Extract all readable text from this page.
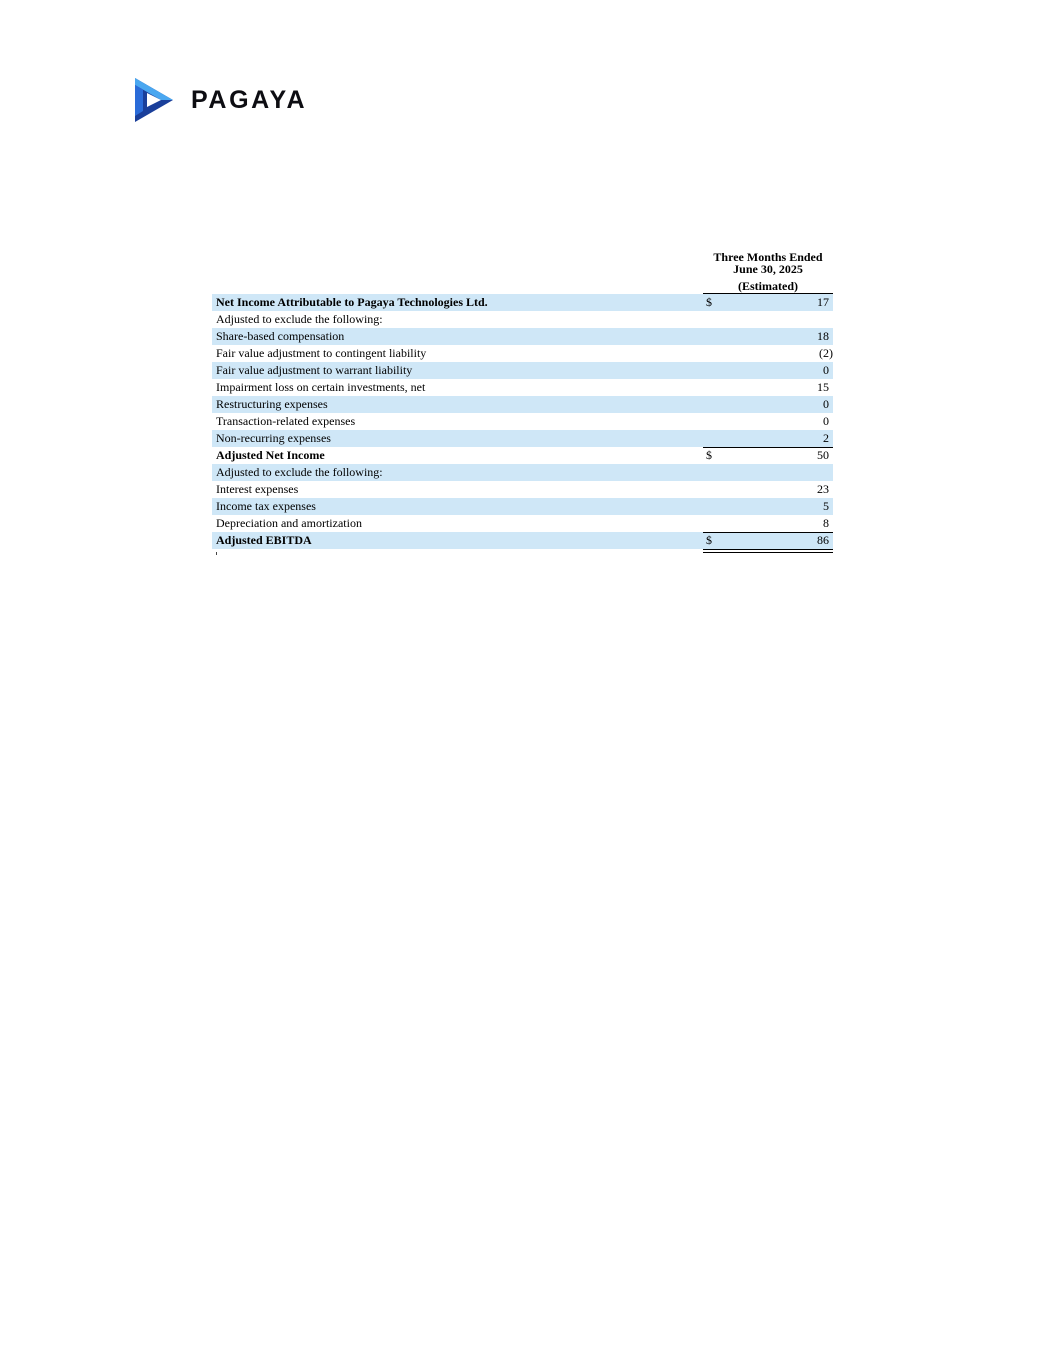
PAGAYA
Three Months Ended
June 30, 2025
(Estimated)
Net Income Attributable to Pagaya Technologies Ltd.	$	17
Adjusted to exclude the following:
Share-based compensation	18
Fair value adjustment to contingent liability	(2)
Fair value adjustment to warrant liability	0
Impairment loss on certain investments, net	15
Restructuring expenses	0
Transaction-related expenses	0
Non-recurring expenses	2
Adjusted Net Income	$	50
Adjusted to exclude the following:
Interest expenses	23
Income tax expenses	5
Depreciation and amortization	8
Adjusted EBITDA	$	86
